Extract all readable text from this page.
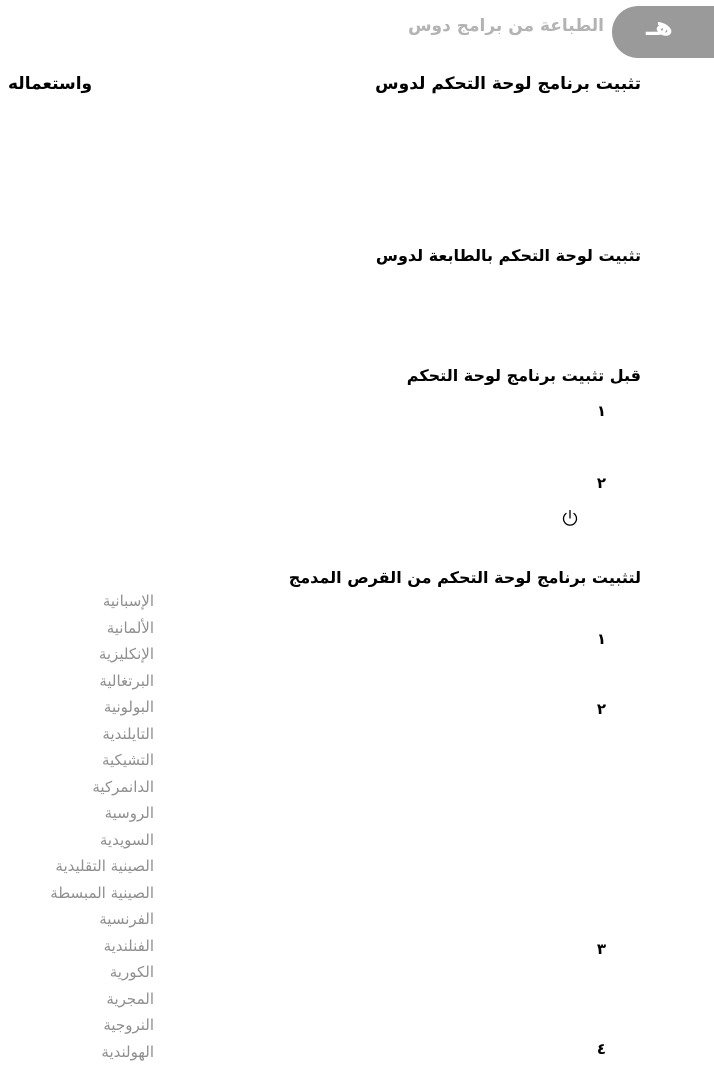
الطباعة من برامج دوس هـ
تثبيت برنامج لوحة التحكم لدوس
واستعماله
تثبيت لوحة التحكم بالطابعة لدوس
قبل تثبيت برنامج لوحة التحكم
لتثبيت برنامج لوحة التحكم من القرص المدمج
١
٢
١
٢
٣
٤
الإسبانية
الألمانية
الإنكليزية
البرتغالية
البولونية
التايلندية
التشيكية
الدانمركية
الروسية
السويدية
الصينية التقليدية
الصينية المبسطة
الفرنسية
الفنلندية
الكورية
المجرية
النروجية
الهولندية
